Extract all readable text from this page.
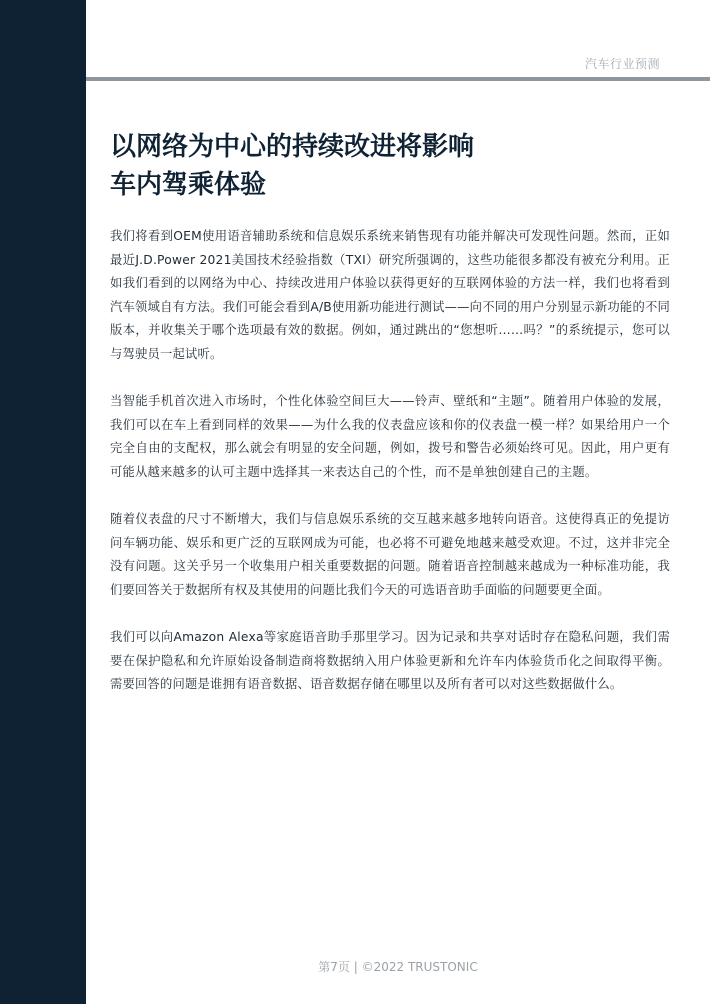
汽车行业预测
以网络为中心的持续改进将影响
车内驾乘体验

我们将看到OEM使用语音辅助系统和信息娱乐系统来销售现有功能并解决可发现性问题。然而，正如最近J.D.Power 2021美国技术经验指数（TXI）研究所强调的，这些功能很多都没有被充分利用。正如我们看到的以网络为中心、持续改进用户体验以获得更好的互联网体验的方法一样，我们也将看到汽车领域自有方法。我们可能会看到A/B使用新功能进行测试——向不同的用户分别显示新功能的不同版本，并收集关于哪个选项最有效的数据。例如，通过跳出的“您想听……吗？”的系统提示，您可以与驾驶员一起试听。

当智能手机首次进入市场时，个性化体验空间巨大——铃声、壁纸和“主题”。随着用户体验的发展，我们可以在车上看到同样的效果——为什么我的仪表盘应该和你的仪表盘一模一样？如果给用户一个完全自由的支配权，那么就会有明显的安全问题，例如，拨号和警告必须始终可见。因此，用户更有可能从越来越多的认可主题中选择其一来表达自己的个性，而不是单独创建自己的主题。

随着仪表盘的尺寸不断增大，我们与信息娱乐系统的交互越来越多地转向语音。这使得真正的免提访问车辆功能、娱乐和更广泛的互联网成为可能，也必将不可避免地越来越受欢迎。不过，这并非完全没有问题。这关乎另一个收集用户相关重要数据的问题。随着语音控制越来越成为一种标准功能，我们要回答关于数据所有权及其使用的问题比我们今天的可选语音助手面临的问题要更全面。

我们可以向Amazon Alexa等家庭语音助手那里学习。因为记录和共享对话时存在隐私问题，我们需要在保护隐私和允许原始设备制造商将数据纳入用户体验更新和允许车内体验货币化之间取得平衡。需要回答的问题是谁拥有语音数据、语音数据存储在哪里以及所有者可以对这些数据做什么。

第7页 | ©2022 TRUSTONIC
